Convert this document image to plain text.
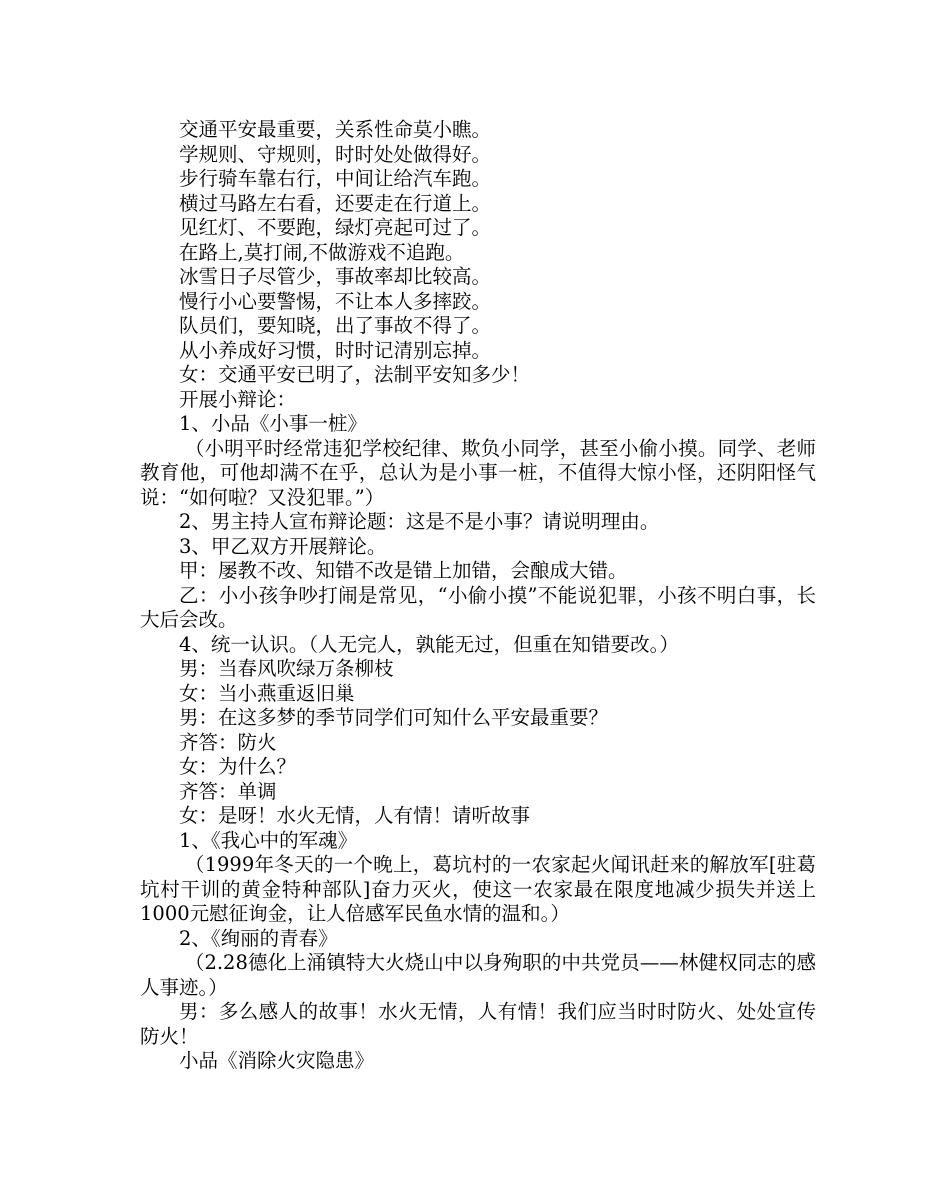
交通平安最重要，关系性命莫小瞧。

学规则、守规则，时时处处做得好。

步行骑车靠右行，中间让给汽车跑。

横过马路左右看，还要走在行道上。

见红灯、不要跑，绿灯亮起可过了。

在路上,莫打闹,不做游戏不追跑。

冰雪日子尽管少，事故率却比较高。

慢行小心要警惕，不让本人多摔跤。

队员们，要知晓，出了事故不得了。

从小养成好习惯，时时记清别忘掉。

女：交通平安已明了，法制平安知多少！

开展小辩论：

1、小品《小事一桩》

（小明平时经常违犯学校纪律、欺负小同学，甚至小偷小摸。同学、老师教育他，可他却满不在乎，总认为是小事一桩，不值得大惊小怪，还阴阳怪气说：“如何啦？又没犯罪。”）

2、男主持人宣布辩论题：这是不是小事？请说明理由。

3、甲乙双方开展辩论。

甲：屡教不改、知错不改是错上加错，会酿成大错。

乙：小小孩争吵打闹是常见，“小偷小摸”不能说犯罪，小孩不明白事，长大后会改。

4、统一认识。（人无完人，孰能无过，但重在知错要改。）

男：当春风吹绿万条柳枝

女：当小燕重返旧巢

男：在这多梦的季节同学们可知什么平安最重要？

齐答：防火

女：为什么？

齐答：单调

女：是呀！水火无情，人有情！请听故事

1、《我心中的军魂》

（1999年冬天的一个晚上，葛坑村的一农家起火闻讯赶来的解放军[驻葛坑村干训的黄金特种部队]奋力灭火，使这一农家最在限度地减少损失并送上1000元慰征询金，让人倍感军民鱼水情的温和。）

2、《绚丽的青春》

（2.28德化上涌镇特大火烧山中以身殉职的中共党员——林健权同志的感人事迹。）

男：多么感人的故事！水火无情，人有情！我们应当时时防火、处处宣传防火！

小品《消除火灾隐患》
